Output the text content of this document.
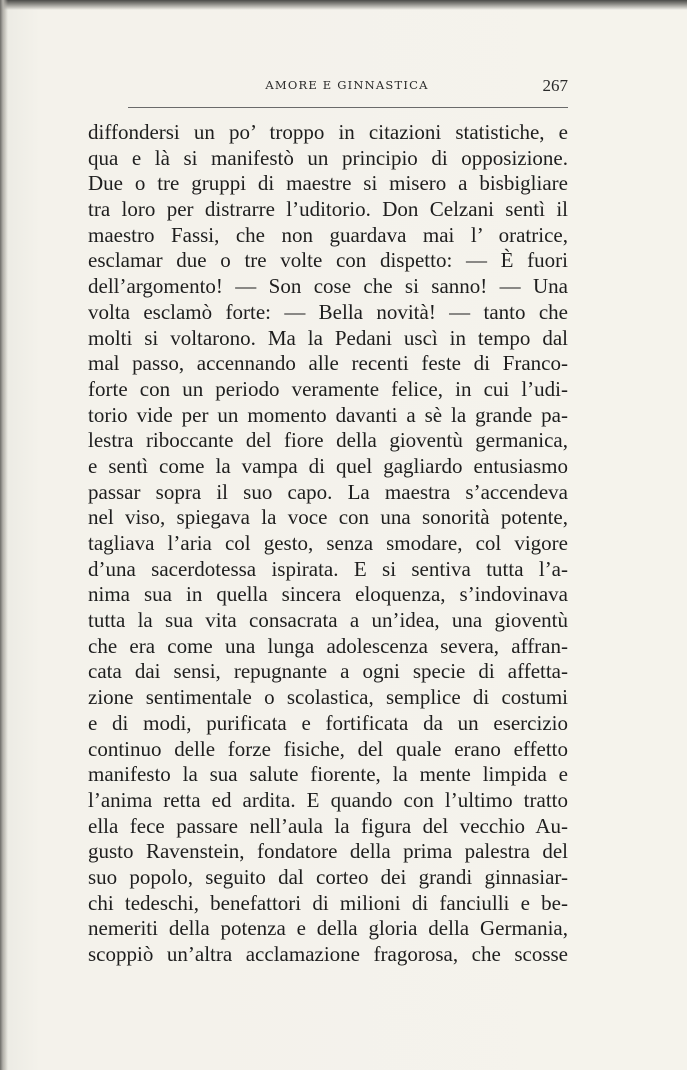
AMORE E GINNASTICA	267
diffondersi un po’ troppo in citazioni statistiche, e
qua e là si manifestò un principio di opposizione.
Due o tre gruppi di maestre si misero a bisbigliare
tra loro per distrarre l’uditorio. Don Celzani sentì il
maestro Fassi, che non guardava mai l’ oratrice,
esclamar due o tre volte con dispetto: — È fuori
dell’argomento! — Son cose che si sanno! — Una
volta esclamò forte: — Bella novità! — tanto che
molti si voltarono. Ma la Pedani uscì in tempo dal
mal passo, accennando alle recenti feste di Franco-
forte con un periodo veramente felice, in cui l’udi-
torio vide per un momento davanti a sè la grande pa-
lestra riboccante del fiore della gioventù germanica,
e sentì come la vampa di quel gagliardo entusiasmo
passar sopra il suo capo. La maestra s’accendeva
nel viso, spiegava la voce con una sonorità potente,
tagliava l’aria col gesto, senza smodare, col vigore
d’una sacerdotessa ispirata. E si sentiva tutta l’a-
nima sua in quella sincera eloquenza, s’indovinava
tutta la sua vita consacrata a un’idea, una gioventù
che era come una lunga adolescenza severa, affran-
cata dai sensi, repugnante a ogni specie di affetta-
zione sentimentale o scolastica, semplice di costumi
e di modi, purificata e fortificata da un esercizio
continuo delle forze fisiche, del quale erano effetto
manifesto la sua salute fiorente, la mente limpida e
l’anima retta ed ardita. E quando con l’ultimo tratto
ella fece passare nell’aula la figura del vecchio Au-
gusto Ravenstein, fondatore della prima palestra del
suo popolo, seguito dal corteo dei grandi ginnasiar-
chi tedeschi, benefattori di milioni di fanciulli e be-
nemeriti della potenza e della gloria della Germania,
scoppiò un’altra acclamazione fragorosa, che scosse
